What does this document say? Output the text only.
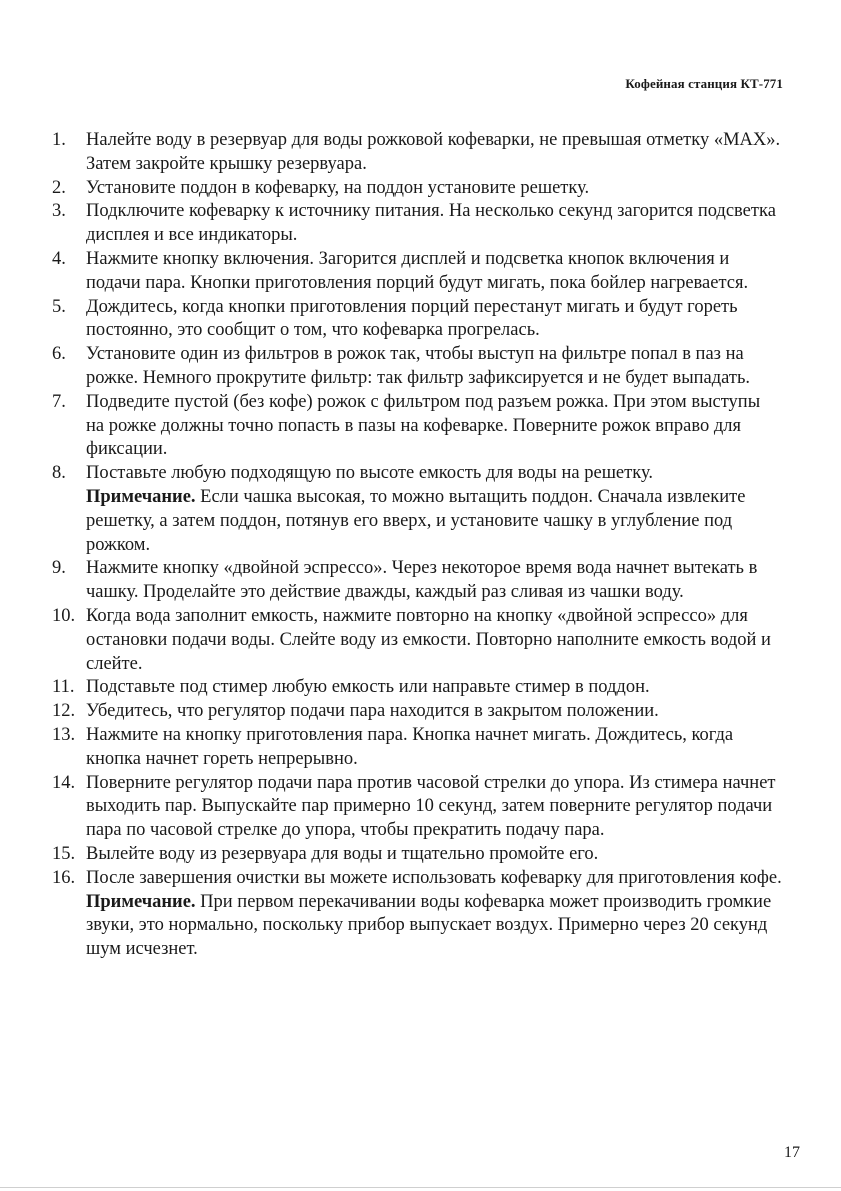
Кофейная станция КТ-771
1.	Налейте воду в резервуар для воды рожковой кофеварки, не превышая отметку «MAX». Затем закройте крышку резервуара.
2.	Установите поддон в кофеварку, на поддон установите решетку.
3.	Подключите кофеварку к источнику питания. На несколько секунд загорится подсветка дисплея и все индикаторы.
4.	Нажмите кнопку включения. Загорится дисплей и подсветка кнопок включения и подачи пара. Кнопки приготовления порций будут мигать, пока бойлер нагревается.
5.	Дождитесь, когда кнопки приготовления порций перестанут мигать и будут гореть постоянно, это сообщит о том, что кофеварка прогрелась.
6.	Установите один из фильтров в рожок так, чтобы выступ на фильтре попал в паз на рожке. Немного прокрутите фильтр: так фильтр зафиксируется и не будет выпадать.
7.	Подведите пустой (без кофе) рожок с фильтром под разъем рожка. При этом выступы на рожке должны точно попасть в пазы на кофеварке. Поверните рожок вправо для фиксации.
8.	Поставьте любую подходящую по высоте емкость для воды на решетку.
Примечание. Если чашка высокая, то можно вытащить поддон. Сначала извлеките решетку, а затем поддон, потянув его вверх, и установите чашку в углубление под рожком.
9.	Нажмите кнопку «двойной эспрессо». Через некоторое время вода начнет вытекать в чашку. Проделайте это действие дважды, каждый раз сливая из чашки воду.
10. Когда вода заполнит емкость, нажмите повторно на кнопку «двойной эспрессо» для остановки подачи воды. Слейте воду из емкости. Повторно наполните емкость водой и слейте.
11. Подставьте под стимер любую емкость или направьте стимер в поддон.
12. Убедитесь, что регулятор подачи пара находится в закрытом положении.
13. Нажмите на кнопку приготовления пара. Кнопка начнет мигать. Дождитесь, когда кнопка начнет гореть непрерывно.
14. Поверните регулятор подачи пара против часовой стрелки до упора. Из стимера начнет выходить пар. Выпускайте пар примерно 10 секунд, затем поверните регулятор подачи пара по часовой стрелке до упора, чтобы прекратить подачу пара.
15. Вылейте воду из резервуара для воды и тщательно промойте его.
16. После завершения очистки вы можете использовать кофеварку для приготовления кофе.
Примечание. При первом перекачивании воды кофеварка может производить громкие звуки, это нормально, поскольку прибор выпускает воздух. Примерно через 20 секунд шум исчезнет.
17
